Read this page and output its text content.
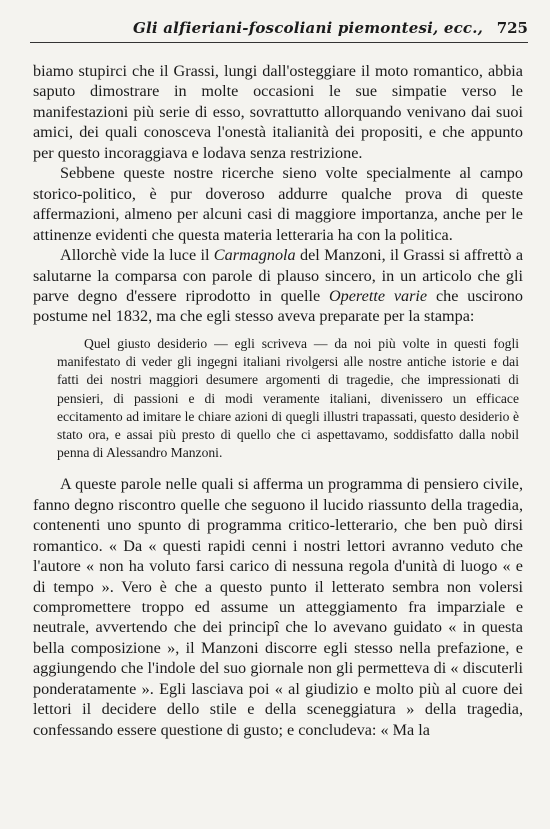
Gli alfieriani-foscoliani piemontesi, ecc., 725

biamo stupirci che il Grassi, lungi dall'osteggiare il moto romantico, abbia saputo dimostrare in molte occasioni le sue simpatie verso le manifestazioni più serie di esso, sovrattutto allorquando venivano dai suoi amici, dei quali conosceva l'onestà italianità dei propositi, e che appunto per questo incoraggiava e lodava senza restrizione.

Sebbene queste nostre ricerche sieno volte specialmente al campo storico-politico, è pur doveroso addurre qualche prova di queste affermazioni, almeno per alcuni casi di maggiore importanza, anche per le attinenze evidenti che questa materia letteraria ha con la politica.

Allorchè vide la luce il Carmagnola del Manzoni, il Grassi si affrettò a salutarne la comparsa con parole di plauso sincero, in un articolo che gli parve degno d'essere riprodotto in quelle Operette varie che uscirono postume nel 1832, ma che egli stesso aveva preparate per la stampa:

Quel giusto desiderio — egli scriveva — da noi più volte in questi fogli manifestato di veder gli ingegni italiani rivolgersi alle nostre antiche istorie e dai fatti dei nostri maggiori desumere argomenti di tragedie, che impressionati di pensieri, di passioni e di modi veramente italiani, divenissero un efficace eccitamento ad imitare le chiare azioni di quegli illustri trapassati, questo desiderio è stato ora, e assai più presto di quello che ci aspettavamo, soddisfatto dalla nobil penna di Alessandro Manzoni.

A queste parole nelle quali si afferma un programma di pensiero civile, fanno degno riscontro quelle che seguono il lucido riassunto della tragedia, contenenti uno spunto di programma critico-letterario, che ben può dirsi romantico. « Da « questi rapidi cenni i nostri lettori avranno veduto che l'autore « non ha voluto farsi carico di nessuna regola d'unità di luogo « e di tempo ». Vero è che a questo punto il letterato sembra non volersi compromettere troppo ed assume un atteggiamento fra imparziale e neutrale, avvertendo che dei principî che lo avevano guidato « in questa bella composizione », il Manzoni discorre egli stesso nella prefazione, e aggiungendo che l'indole del suo giornale non gli permetteva di « discuterli ponderatamente ». Egli lasciava poi « al giudizio e molto più al cuore dei lettori il decidere dello stile e della sceneggiatura » della tragedia, confessando essere questione di gusto; e concludeva: « Ma la
